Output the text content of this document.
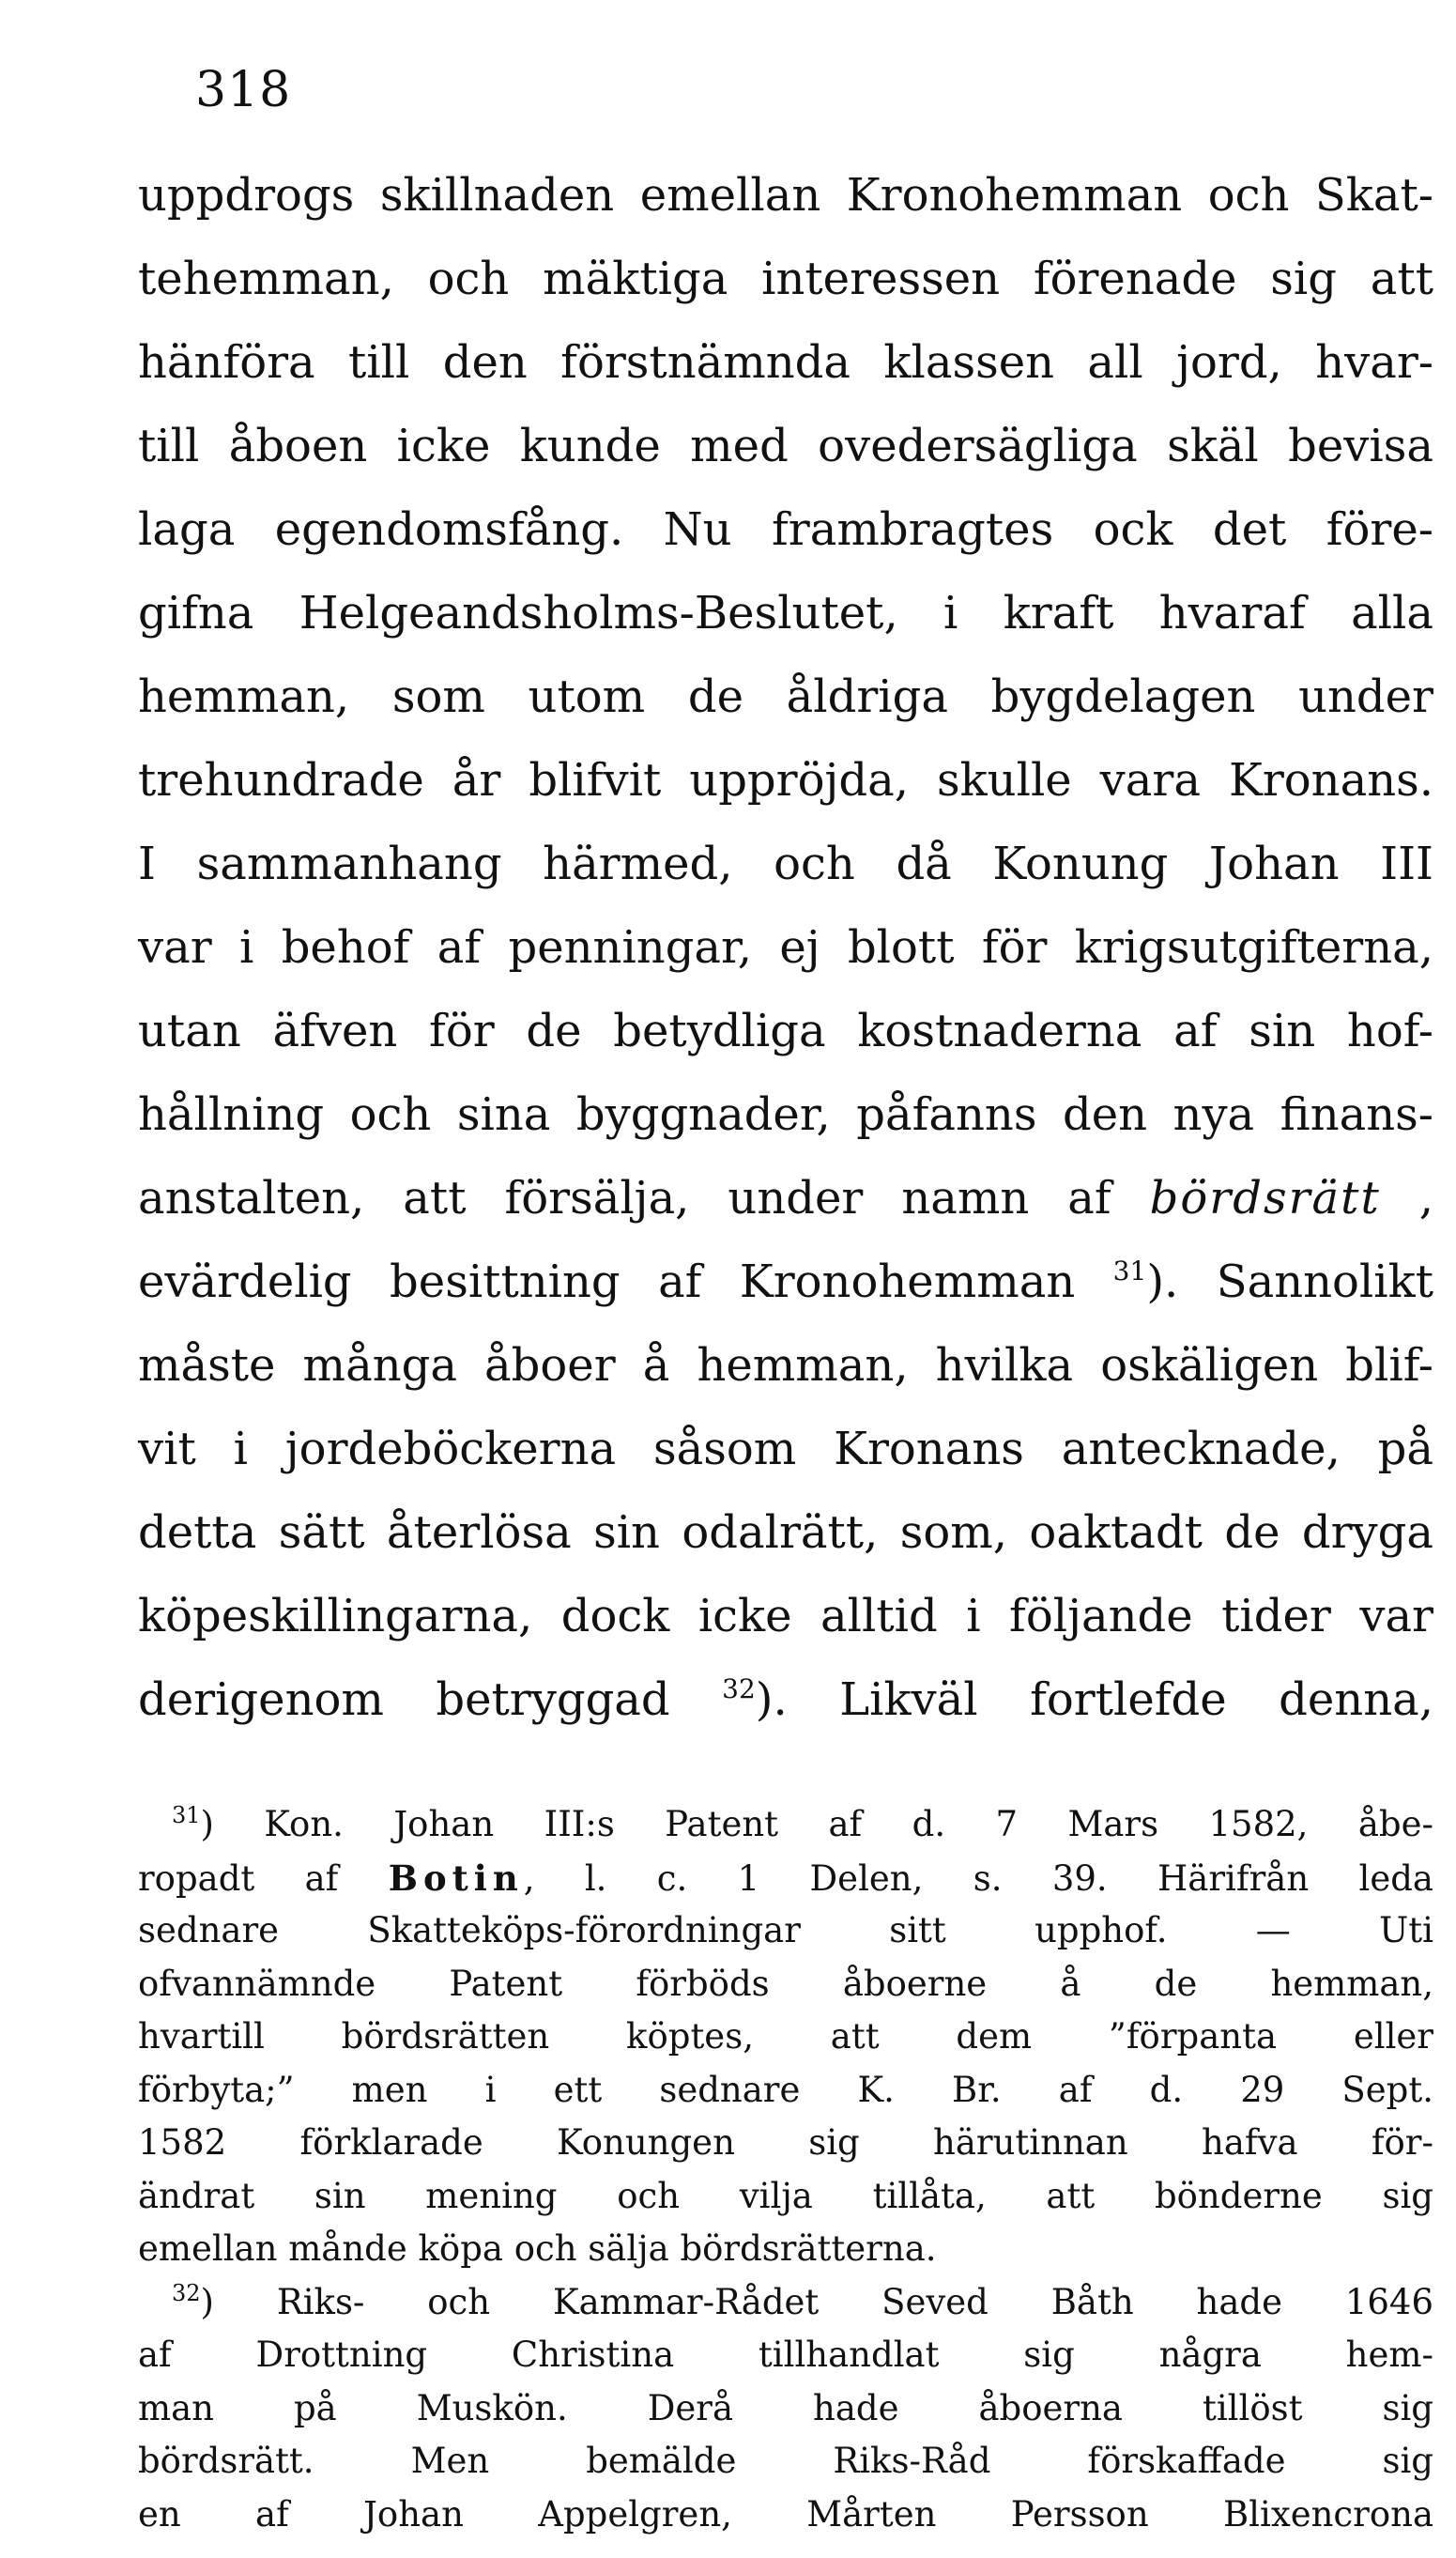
318
uppdrogs skillnaden emellan Kronohemman och Skat-
tehemman, och mäktiga interessen förenade sig att
hänföra till den förstnämnda klassen all jord, hvar-
till åboen icke kunde med ovedersägliga skäl bevisa
laga egendomsfång. Nu frambragtes ock det före-
gifna Helgeandsholms-Beslutet, i kraft hvaraf alla
hemman, som utom de åldriga bygdelagen under
trehundrade år blifvit uppröjda, skulle vara Kronans.
I sammanhang härmed, och då Konung Johan III
var i behof af penningar, ej blott för krigsutgifterna,
utan äfven för de betydliga kostnaderna af sin hof-
hållning och sina byggnader, påfanns den nya finans-
anstalten, att försälja, under namn af bördsrätt ,
evärdelig besittning af Kronohemman $^{31}$). Sannolikt
måste många åboer å hemman, hvilka oskäligen blif-
vit i jordeböckerna såsom Kronans antecknade, på
detta sätt återlösa sin odalrätt, som, oaktadt de dryga
köpeskillingarna, dock icke alltid i följande tider var
derigenom betryggad $^{32}$). Likväl fortlefde denna,
$^{31}$) Kon. Johan III:s Patent af d. 7 Mars 1582, åbe-
ropadt af Botin, l. c. 1 Delen, s. 39. Härifrån leda
sednare Skatteköps-förordningar sitt upphof. — Uti
ofvannämnde Patent förböds åboerne å de hemman,
hvartill bördsrätten köptes, att dem ”förpanta eller
förbyta;” men i ett sednare K. Br. af d. 29 Sept.
1582 förklarade Konungen sig härutinnan hafva för-
ändrat sin mening och vilja tillåta, att bönderne sig
emellan månde köpa och sälja bördsrätterna.
$^{32}$) Riks- och Kammar-Rådet Seved Båth hade 1646
af Drottning Christina tillhandlat sig några hem-
man på Muskön. Derå hade åboerna tillöst sig
bördsrätt. Men bemälde Riks-Råd förskaffade sig
en af Johan Appelgren, Mårten Persson Blixencrona
